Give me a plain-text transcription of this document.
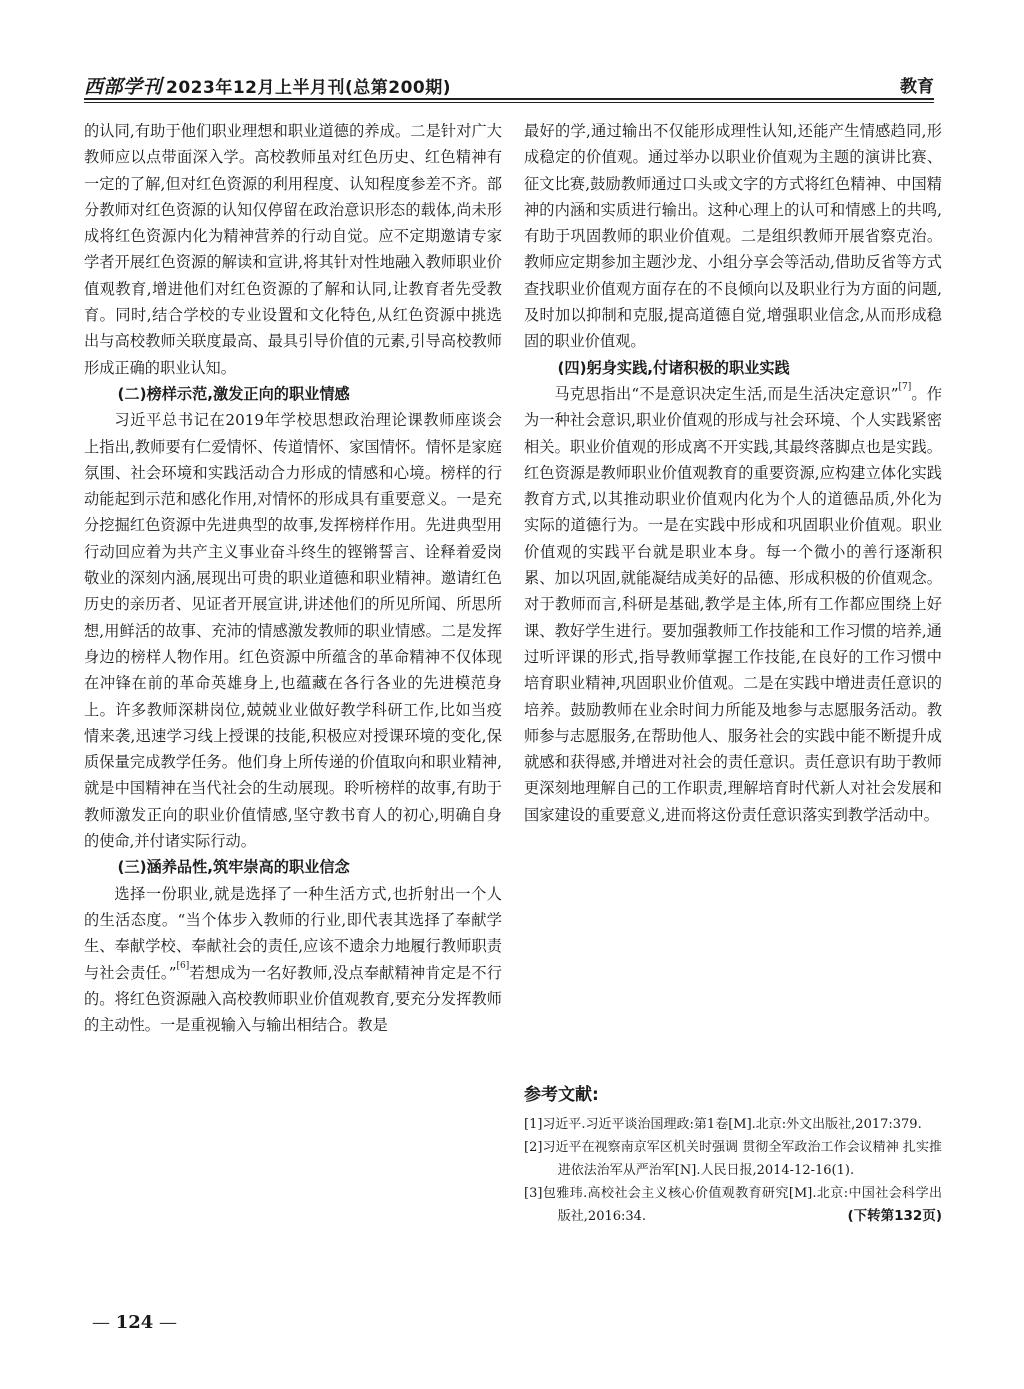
西部学刊 2023年12月上半月刊(总第200期)	教育

的认同,有助于他们职业理想和职业道德的养成。二是针对广大教师应以点带面深入学。高校教师虽对红色历史、红色精神有一定的了解,但对红色资源的利用程度、认知程度参差不齐。部分教师对红色资源的认知仅停留在政治意识形态的载体,尚未形成将红色资源内化为精神营养的行动自觉。应不定期邀请专家学者开展红色资源的解读和宣讲,将其针对性地融入教师职业价值观教育,增进他们对红色资源的了解和认同,让教育者先受教育。同时,结合学校的专业设置和文化特色,从红色资源中挑选出与高校教师关联度最高、最具引导价值的元素,引导高校教师形成正确的职业认知。

(二)榜样示范,激发正向的职业情感

习近平总书记在2019年学校思想政治理论课教师座谈会上指出,教师要有仁爱情怀、传道情怀、家国情怀。情怀是家庭氛围、社会环境和实践活动合力形成的情感和心境。榜样的行动能起到示范和感化作用,对情怀的形成具有重要意义。一是充分挖掘红色资源中先进典型的故事,发挥榜样作用。先进典型用行动回应着为共产主义事业奋斗终生的铿锵誓言、诠释着爱岗敬业的深刻内涵,展现出可贵的职业道德和职业精神。邀请红色历史的亲历者、见证者开展宣讲,讲述他们的所见所闻、所思所想,用鲜活的故事、充沛的情感激发教师的职业情感。二是发挥身边的榜样人物作用。红色资源中所蕴含的革命精神不仅体现在冲锋在前的革命英雄身上,也蕴藏在各行各业的先进模范身上。许多教师深耕岗位,兢兢业业做好教学科研工作,比如当疫情来袭,迅速学习线上授课的技能,积极应对授课环境的变化,保质保量完成教学任务。他们身上所传递的价值取向和职业精神,就是中国精神在当代社会的生动展现。聆听榜样的故事,有助于教师激发正向的职业价值情感,坚守教书育人的初心,明确自身的使命,并付诸实际行动。

(三)涵养品性,筑牢崇高的职业信念

选择一份职业,就是选择了一种生活方式,也折射出一个人的生活态度。“当个体步入教师的行业,即代表其选择了奉献学生、奉献学校、奉献社会的责任,应该不遗余力地履行教师职责与社会责任。”[6]若想成为一名好教师,没点奉献精神肯定是不行的。将红色资源融入高校教师职业价值观教育,要充分发挥教师的主动性。一是重视输入与输出相结合。教是

最好的学,通过输出不仅能形成理性认知,还能产生情感趋同,形成稳定的价值观。通过举办以职业价值观为主题的演讲比赛、征文比赛,鼓励教师通过口头或文字的方式将红色精神、中国精神的内涵和实质进行输出。这种心理上的认可和情感上的共鸣,有助于巩固教师的职业价值观。二是组织教师开展省察克治。教师应定期参加主题沙龙、小组分享会等活动,借助反省等方式查找职业价值观方面存在的不良倾向以及职业行为方面的问题,及时加以抑制和克服,提高道德自觉,增强职业信念,从而形成稳固的职业价值观。

(四)躬身实践,付诸积极的职业实践

马克思指出“不是意识决定生活,而是生活决定意识”[7]。作为一种社会意识,职业价值观的形成与社会环境、个人实践紧密相关。职业价值观的形成离不开实践,其最终落脚点也是实践。红色资源是教师职业价值观教育的重要资源,应构建立体化实践教育方式,以其推动职业价值观内化为个人的道德品质,外化为实际的道德行为。一是在实践中形成和巩固职业价值观。职业价值观的实践平台就是职业本身。每一个微小的善行逐渐积累、加以巩固,就能凝结成美好的品德、形成积极的价值观念。对于教师而言,科研是基础,教学是主体,所有工作都应围绕上好课、教好学生进行。要加强教师工作技能和工作习惯的培养,通过听评课的形式,指导教师掌握工作技能,在良好的工作习惯中培育职业精神,巩固职业价值观。二是在实践中增进责任意识的培养。鼓励教师在业余时间力所能及地参与志愿服务活动。教师参与志愿服务,在帮助他人、服务社会的实践中能不断提升成就感和获得感,并增进对社会的责任意识。责任意识有助于教师更深刻地理解自己的工作职责,理解培育时代新人对社会发展和国家建设的重要意义,进而将这份责任意识落实到教学活动中。

参考文献:
[1]习近平.习近平谈治国理政:第1卷[M].北京:外文出版社,2017:379.
[2]习近平在视察南京军区机关时强调 贯彻全军政治工作会议精神 扎实推进依法治军从严治军[N].人民日报,2014-12-16(1).
[3]包雅玮.高校社会主义核心价值观教育研究[M].北京:中国社会科学出版社,2016:34.	(下转第132页)
— 124 —
